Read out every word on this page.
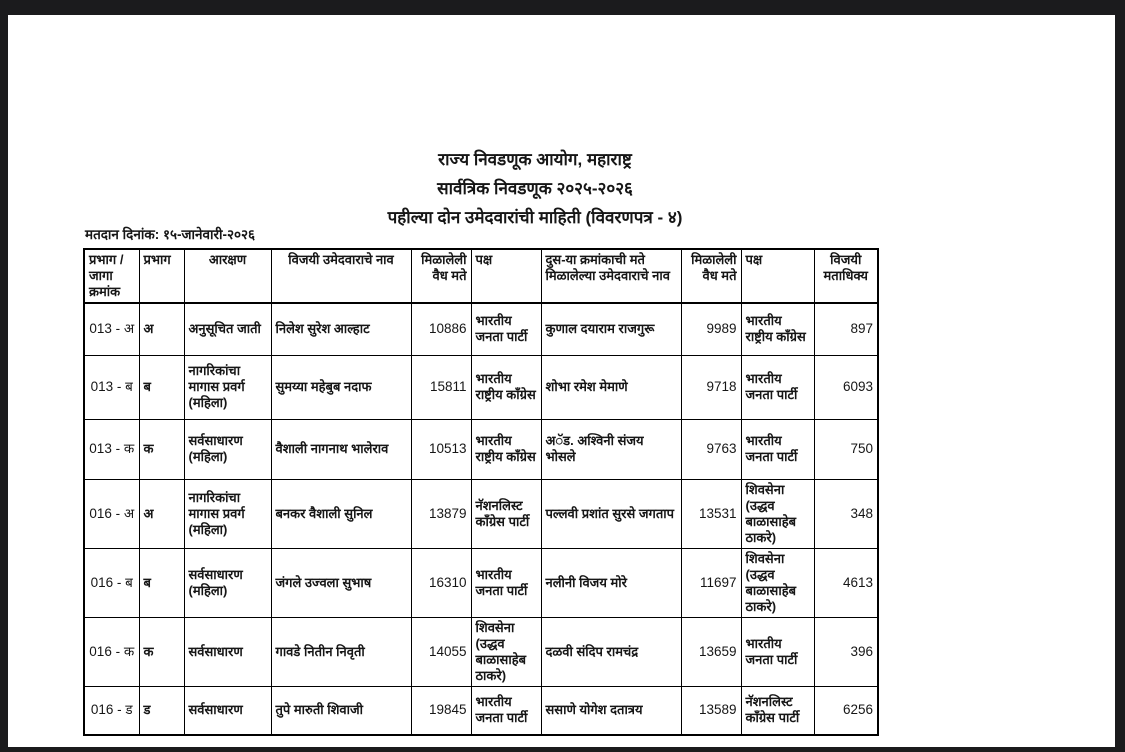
राज्य निवडणूक आयोग, महाराष्ट्र
सार्वत्रिक निवडणूक २०२५-२०२६
पहील्या दोन उमेदवारांची माहिती (विवरणपत्र - ४)
मतदान दिनांक: १५-जानेवारी-२०२६
प्रभाग / जागा क्रमांक	प्रभाग	आरक्षण	विजयी उमेदवाराचे नाव	मिळालेली वैध मते	पक्ष	दुस-या क्रमांकाची मते मिळालेल्या उमेदवाराचे नाव	मिळालेली वैध मते	पक्ष	विजयी मताधिक्य
013 - अ	अ	अनुसूचित जाती	निलेश सुरेश आल्हाट	10886	भारतीय जनता पार्टी	कुणाल दयाराम राजगुरू	9989	भारतीय राष्ट्रीय काँग्रेस	897
013 - ब	ब	नागरिकांचा मागास प्रवर्ग (महिला)	सुमय्या महेबुब नदाफ	15811	भारतीय राष्ट्रीय काँग्रेस	शोभा रमेश मेमाणे	9718	भारतीय जनता पार्टी	6093
013 - क	क	सर्वसाधारण (महिला)	वैशाली नागनाथ भालेराव	10513	भारतीय राष्ट्रीय काँग्रेस	अॅड. अश्विनी संजय भोसले	9763	भारतीय जनता पार्टी	750
016 - अ	अ	नागरिकांचा मागास प्रवर्ग (महिला)	बनकर वैशाली सुनिल	13879	नॅशनलिस्ट काँग्रेस पार्टी	पल्लवी प्रशांत सुरसे जगताप	13531	शिवसेना (उद्धव बाळासाहेब ठाकरे)	348
016 - ब	ब	सर्वसाधारण (महिला)	जंगले उज्वला सुभाष	16310	भारतीय जनता पार्टी	नलीनी विजय मोरे	11697	शिवसेना (उद्धव बाळासाहेब ठाकरे)	4613
016 - क	क	सर्वसाधारण	गावडे नितीन निवृती	14055	शिवसेना (उद्धव बाळासाहेब ठाकरे)	दळवी संदिप रामचंद्र	13659	भारतीय जनता पार्टी	396
016 - ड	ड	सर्वसाधारण	तुपे मारुती शिवाजी	19845	भारतीय जनता पार्टी	ससाणे योगेश दतात्रय	13589	नॅशनलिस्ट काँग्रेस पार्टी	6256
